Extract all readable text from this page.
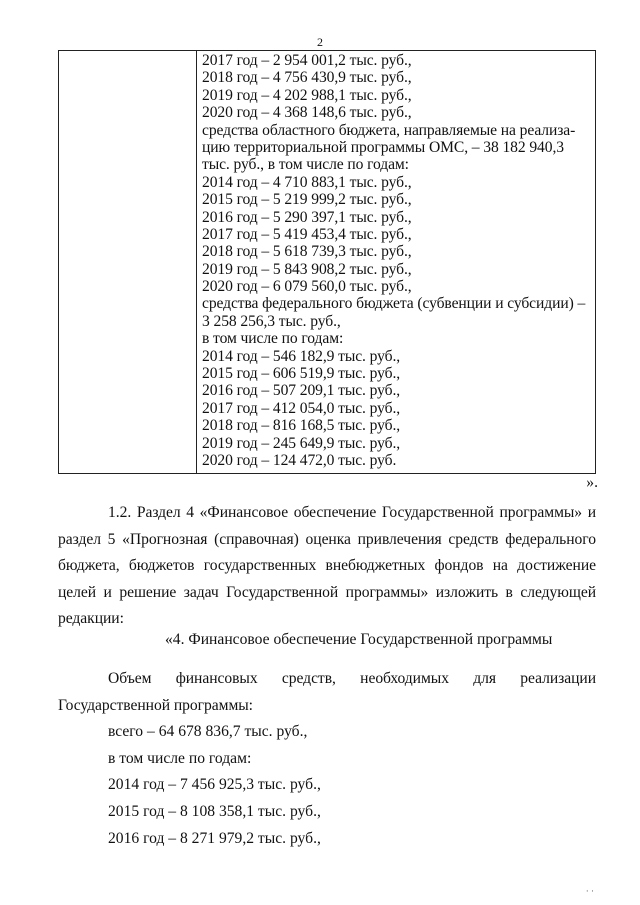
2

2017 год – 2 954 001,2 тыс. руб.,
2018 год – 4 756 430,9 тыс. руб.,
2019 год – 4 202 988,1 тыс. руб.,
2020 год – 4 368 148,6 тыс. руб.,
средства областного бюджета, направляемые на реализа-
цию территориальной программы ОМС, – 38 182 940,3
тыс. руб., в том числе по годам:
2014 год – 4 710 883,1 тыс. руб.,
2015 год – 5 219 999,2 тыс. руб.,
2016 год – 5 290 397,1 тыс. руб.,
2017 год – 5 419 453,4 тыс. руб.,
2018 год – 5 618 739,3 тыс. руб.,
2019 год – 5 843 908,2 тыс. руб.,
2020 год – 6 079 560,0 тыс. руб.,
средства федерального бюджета (субвенции и субсидии) –
3 258 256,3 тыс. руб.,
в том числе по годам:
2014 год – 546 182,9 тыс. руб.,
2015 год – 606 519,9 тыс. руб.,
2016 год – 507 209,1 тыс. руб.,
2017 год – 412 054,0 тыс. руб.,
2018 год – 816 168,5 тыс. руб.,
2019 год – 245 649,9 тыс. руб.,
2020 год – 124 472,0 тыс. руб.
».
1.2. Раздел 4 «Финансовое обеспечение Государственной программы» и раздел 5 «Прогнозная (справочная) оценка привлечения средств федерального бюджета, бюджетов государственных внебюджетных фондов на достижение целей и решение задач Государственной программы» изложить в следующей редакции:
«4. Финансовое обеспечение Государственной программы
Объем финансовых средств, необходимых для реализации Государственной программы:
всего – 64 678 836,7 тыс. руб.,
в том числе по годам:
2014 год – 7 456 925,3 тыс. руб.,
2015 год – 8 108 358,1 тыс. руб.,
2016 год – 8 271 979,2 тыс. руб.,
· ·
